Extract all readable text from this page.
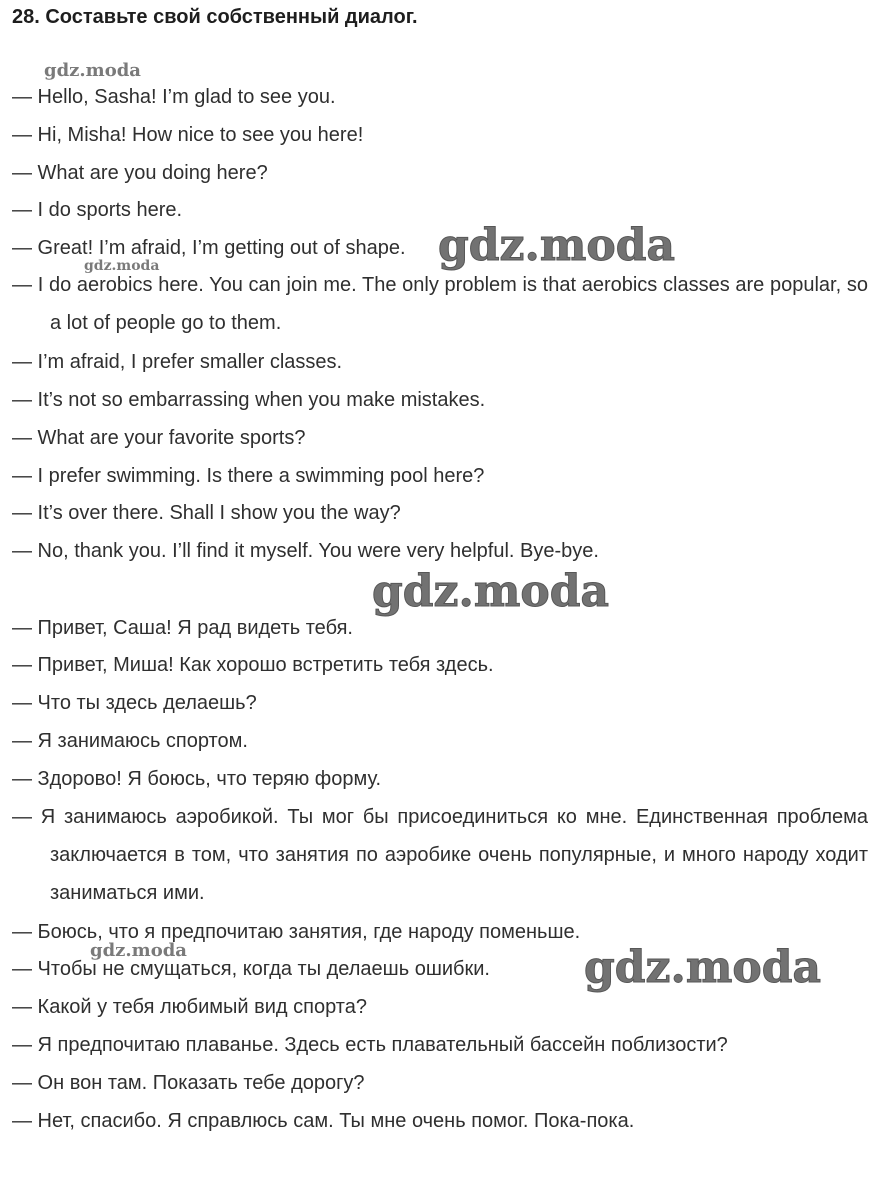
28. Составьте свой собственный диалог.
— Hello, Sasha! I’m glad to see you.
— Hi, Misha! How nice to see you here!
— What are you doing here?
— I do sports here.
— Great! I’m afraid, I’m getting out of shape.
— I do aerobics here. You can join me. The only problem is that aerobics classes are popular, so a lot of people go to them.
— I’m afraid, I prefer smaller classes.
— It’s not so embarrassing when you make mistakes.
— What are your favorite sports?
— I prefer swimming. Is there a swimming pool here?
— It’s over there. Shall I show you the way?
— No, thank you. I’ll find it myself. You were very helpful. Bye-bye.
— Привет, Саша! Я рад видеть тебя.
— Привет, Миша! Как хорошо встретить тебя здесь.
— Что ты здесь делаешь?
— Я занимаюсь спортом.
— Здорово! Я боюсь, что теряю форму.
— Я занимаюсь аэробикой. Ты мог бы присоединиться ко мне. Единственная проблема заключается в том, что занятия по аэробике очень популярные, и много народу ходит заниматься ими.
— Боюсь, что я предпочитаю занятия, где народу поменьше.
— Чтобы не смущаться, когда ты делаешь ошибки.
— Какой у тебя любимый вид спорта?
— Я предпочитаю плаванье. Здесь есть плавательный бассейн поблизости?
— Он вон там. Показать тебе дорогу?
— Нет, спасибо. Я справлюсь сам. Ты мне очень помог. Пока-пока.
gdz.moda
gdz.moda
gdz.moda
gdz.moda
gdz.moda	gdz.moda
